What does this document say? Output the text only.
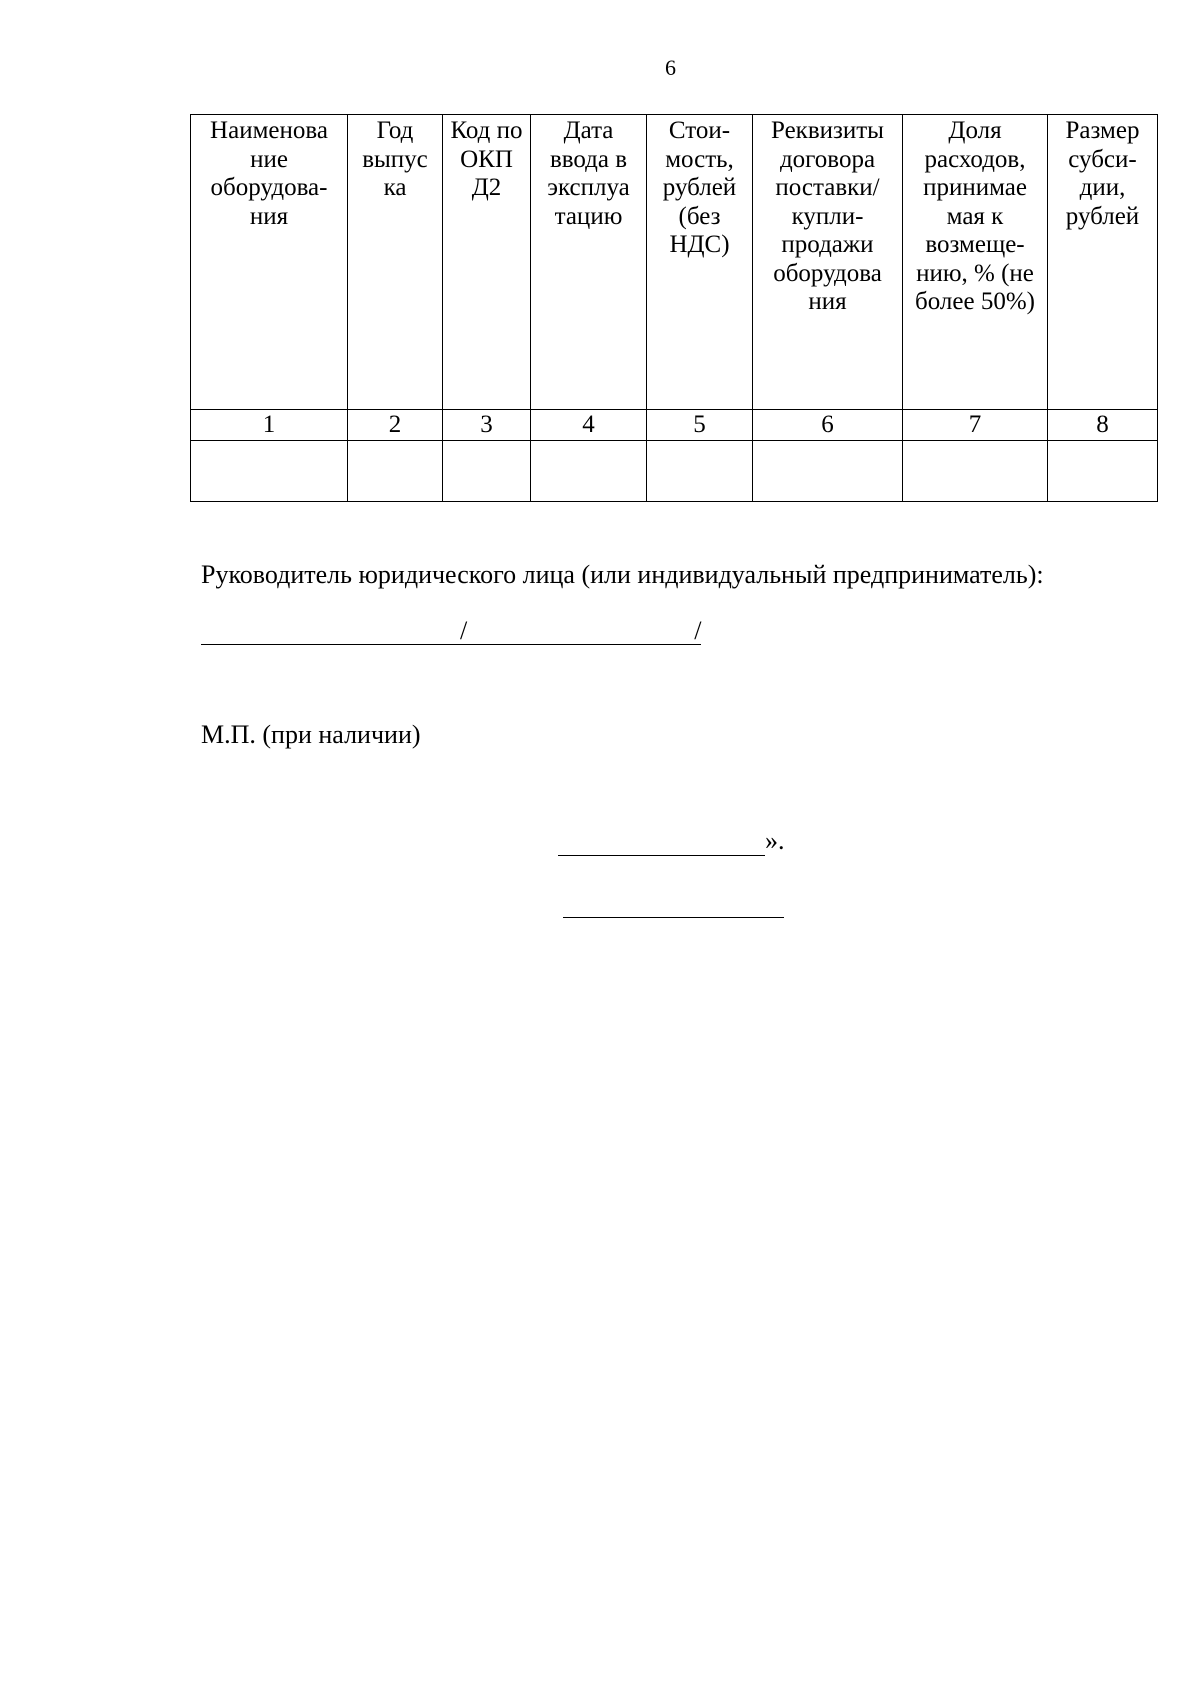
6
Наименова ние оборудова-ния	Год выпус ка	Код по ОКП Д2	Дата ввода в эксплуа тацию	Стои-мость, рублей (без НДС)	Реквизиты договора поставки/ купли-продажи оборудова ния	Доля расходов, принимае мая к возмеще-нию, % (не более 50%)	Размер субси-дии, рублей
1	2	3	4	5	6	7	8

Руководитель юридического лица (или индивидуальный предприниматель):
/	/
М.П. (при наличии)
».
